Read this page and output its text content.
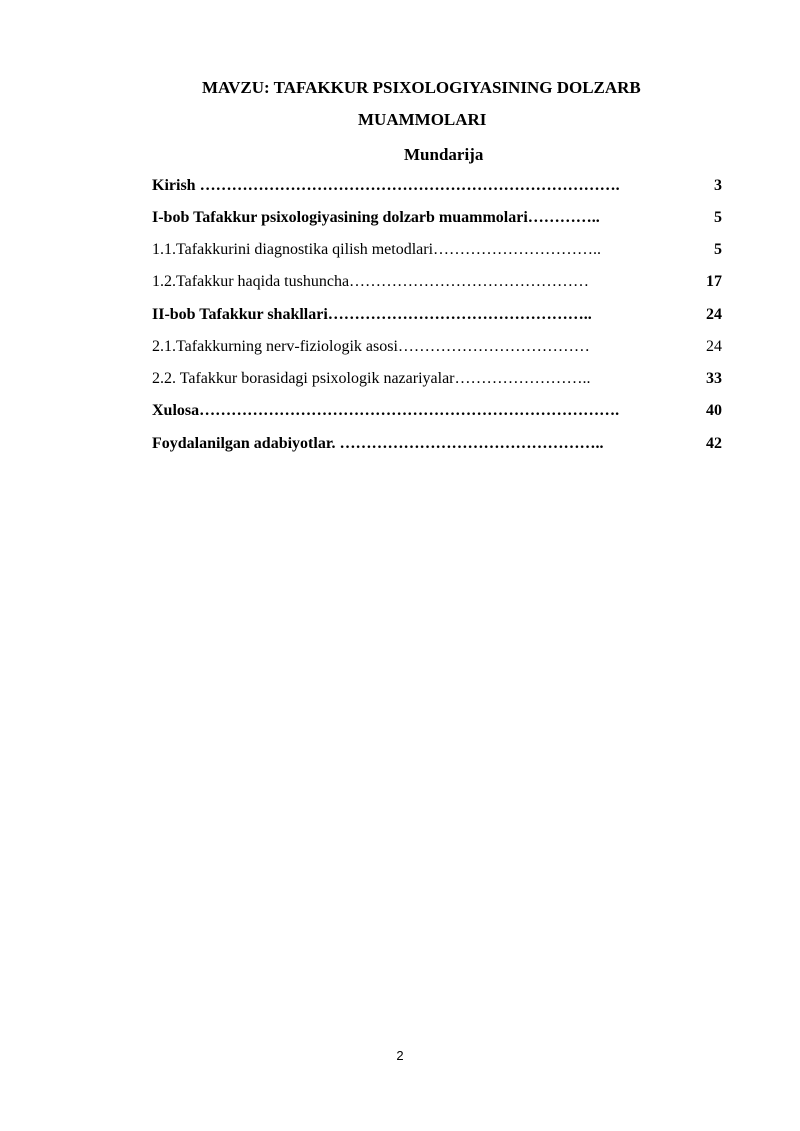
MAVZU: TAFAKKUR PSIXOLOGIYASINING DOLZARB
MUAMMOLARI
Mundarija
Kirish …………………………………………………………………….	3
I-bob Tafakkur psixologiyasining dolzarb muammolari…………..	5
1.1.Tafakkurini diagnostika qilish metodlari…………………………..	5
1.2.Tafakkur haqida tushuncha………………………………………	17
II-bob Tafakkur shakllari…………………………………………..	24
2.1.Tafakkurning nerv-fiziologik asosi………………………………	24
2.2. Tafakkur borasidagi psixologik nazariyalar……………………..	33
Xulosa…………………………………………………………………….	40
Foydalanilgan adabiyotlar. …………………………………………..	42
2
